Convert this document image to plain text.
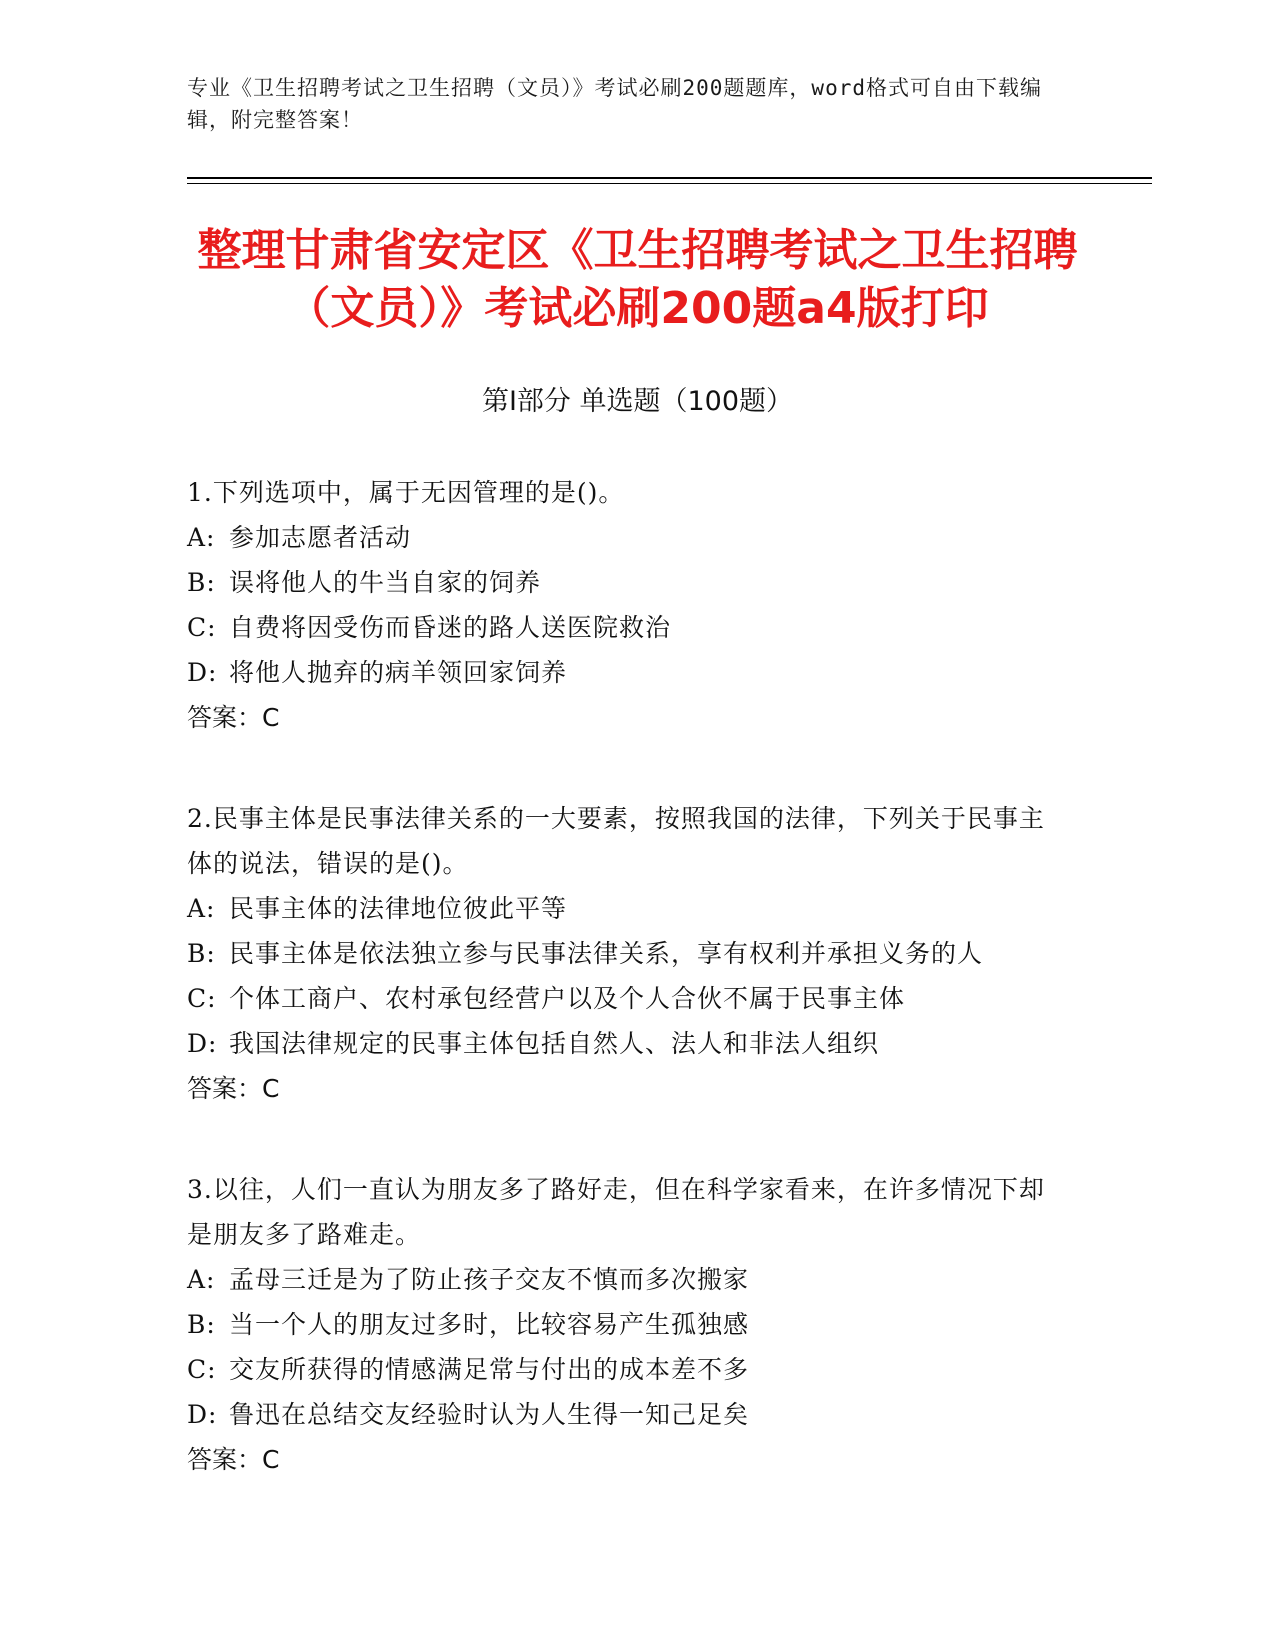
专业《卫生招聘考试之卫生招聘（文员）》考试必刷200题题库，word格式可自由下载编辑，附完整答案！
整理甘肃省安定区《卫生招聘考试之卫生招聘（文员）》考试必刷200题a4版打印
第Ⅰ部分 单选题（100题）
1.下列选项中，属于无因管理的是()。
A: 参加志愿者活动
B: 误将他人的牛当自家的饲养
C: 自费将因受伤而昏迷的路人送医院救治
D: 将他人抛弃的病羊领回家饲养
答案：C
2.民事主体是民事法律关系的一大要素，按照我国的法律，下列关于民事主体的说法，错误的是()。
A: 民事主体的法律地位彼此平等
B: 民事主体是依法独立参与民事法律关系，享有权利并承担义务的人
C: 个体工商户、农村承包经营户以及个人合伙不属于民事主体
D: 我国法律规定的民事主体包括自然人、法人和非法人组织
答案：C
3.以往，人们一直认为朋友多了路好走，但在科学家看来，在许多情况下却是朋友多了路难走。
A: 孟母三迁是为了防止孩子交友不慎而多次搬家
B: 当一个人的朋友过多时，比较容易产生孤独感
C: 交友所获得的情感满足常与付出的成本差不多
D: 鲁迅在总结交友经验时认为人生得一知己足矣
答案：C
